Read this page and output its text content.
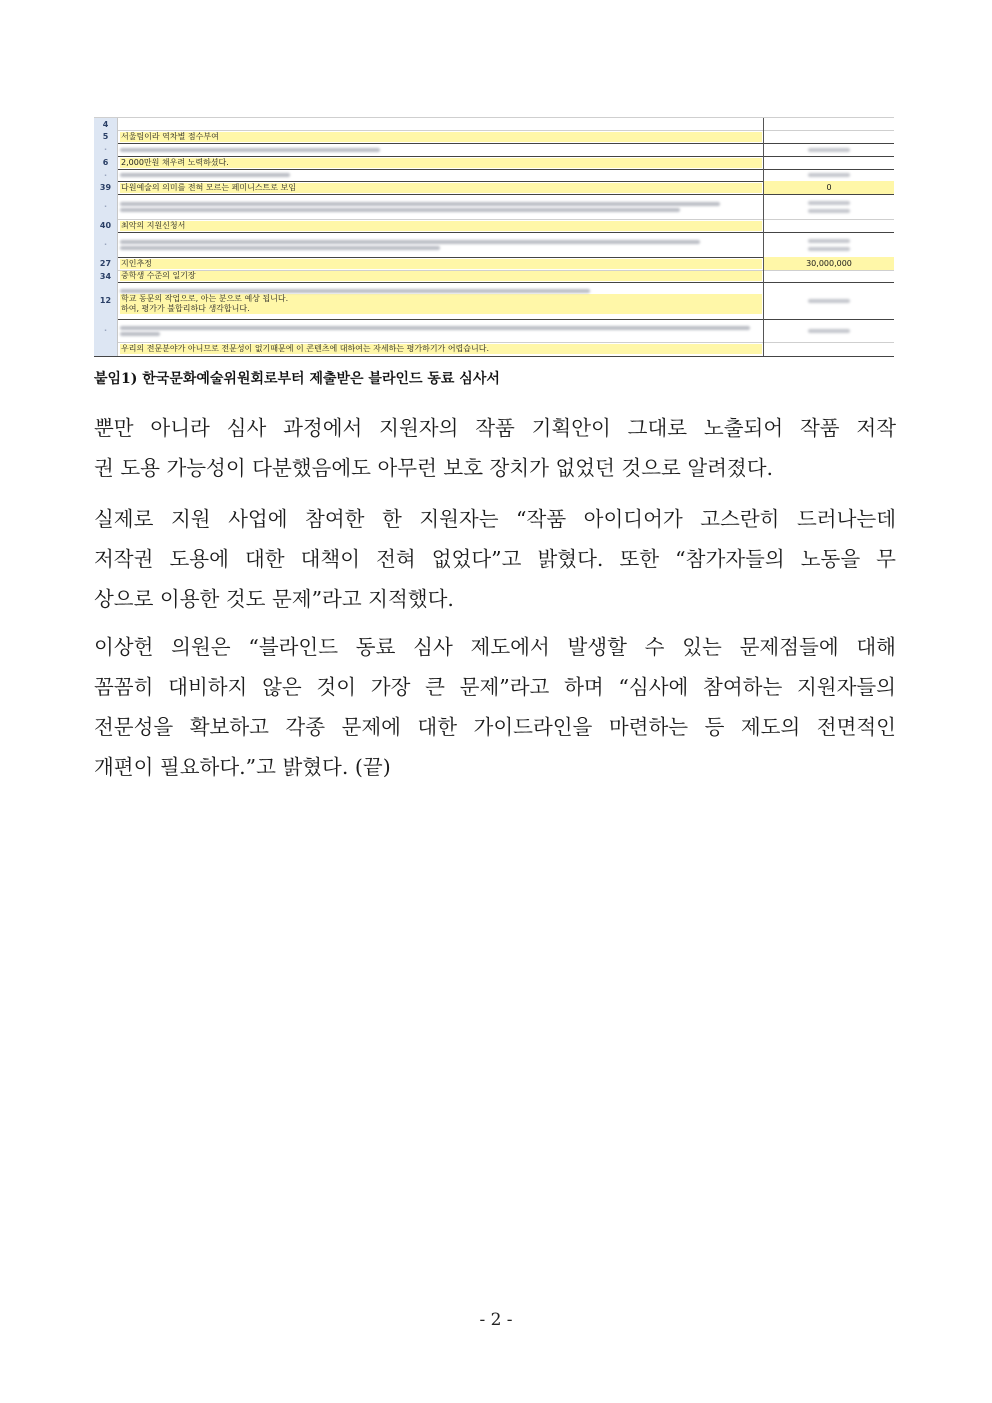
4
5	서울팀이라 역차별 점수부여
·
6	2,000만원 채우려 노력하셨다.
·
39	다원예술의 의미를 전혀 모르는 페미니스트로 보임	0
·
40	최악의 지원신청서
·
27	지인추정	30,000,000
34	중학생 수준의 일기장
12	학교 동문의 작업으로, 아는 분으로 예상 됩니다.
하여, 평가가 불합리하다 생각합니다.
·
우리의 전문분야가 아니므로 전문성이 없기때문에 이 콘텐츠에 대하여는 자세하는 평가하기가 어렵습니다.
붙임1) 한국문화예술위원회로부터 제출받은 블라인드 동료 심사서
뿐만 아니라 심사 과정에서 지원자의 작품 기획안이 그대로 노출되어 작품 저작
권 도용 가능성이 다분했음에도 아무런 보호 장치가 없었던 것으로 알려졌다.
실제로 지원 사업에 참여한 한 지원자는 “작품 아이디어가 고스란히 드러나는데
저작권 도용에 대한 대책이 전혀 없었다”고 밝혔다. 또한 “참가자들의 노동을 무
상으로 이용한 것도 문제”라고 지적했다.
이상헌 의원은 “블라인드 동료 심사 제도에서 발생할 수 있는 문제점들에 대해
꼼꼼히 대비하지 않은 것이 가장 큰 문제”라고 하며 “심사에 참여하는 지원자들의
전문성을 확보하고 각종 문제에 대한 가이드라인을 마련하는 등 제도의 전면적인
개편이 필요하다.”고 밝혔다. (끝)
- 2 -
